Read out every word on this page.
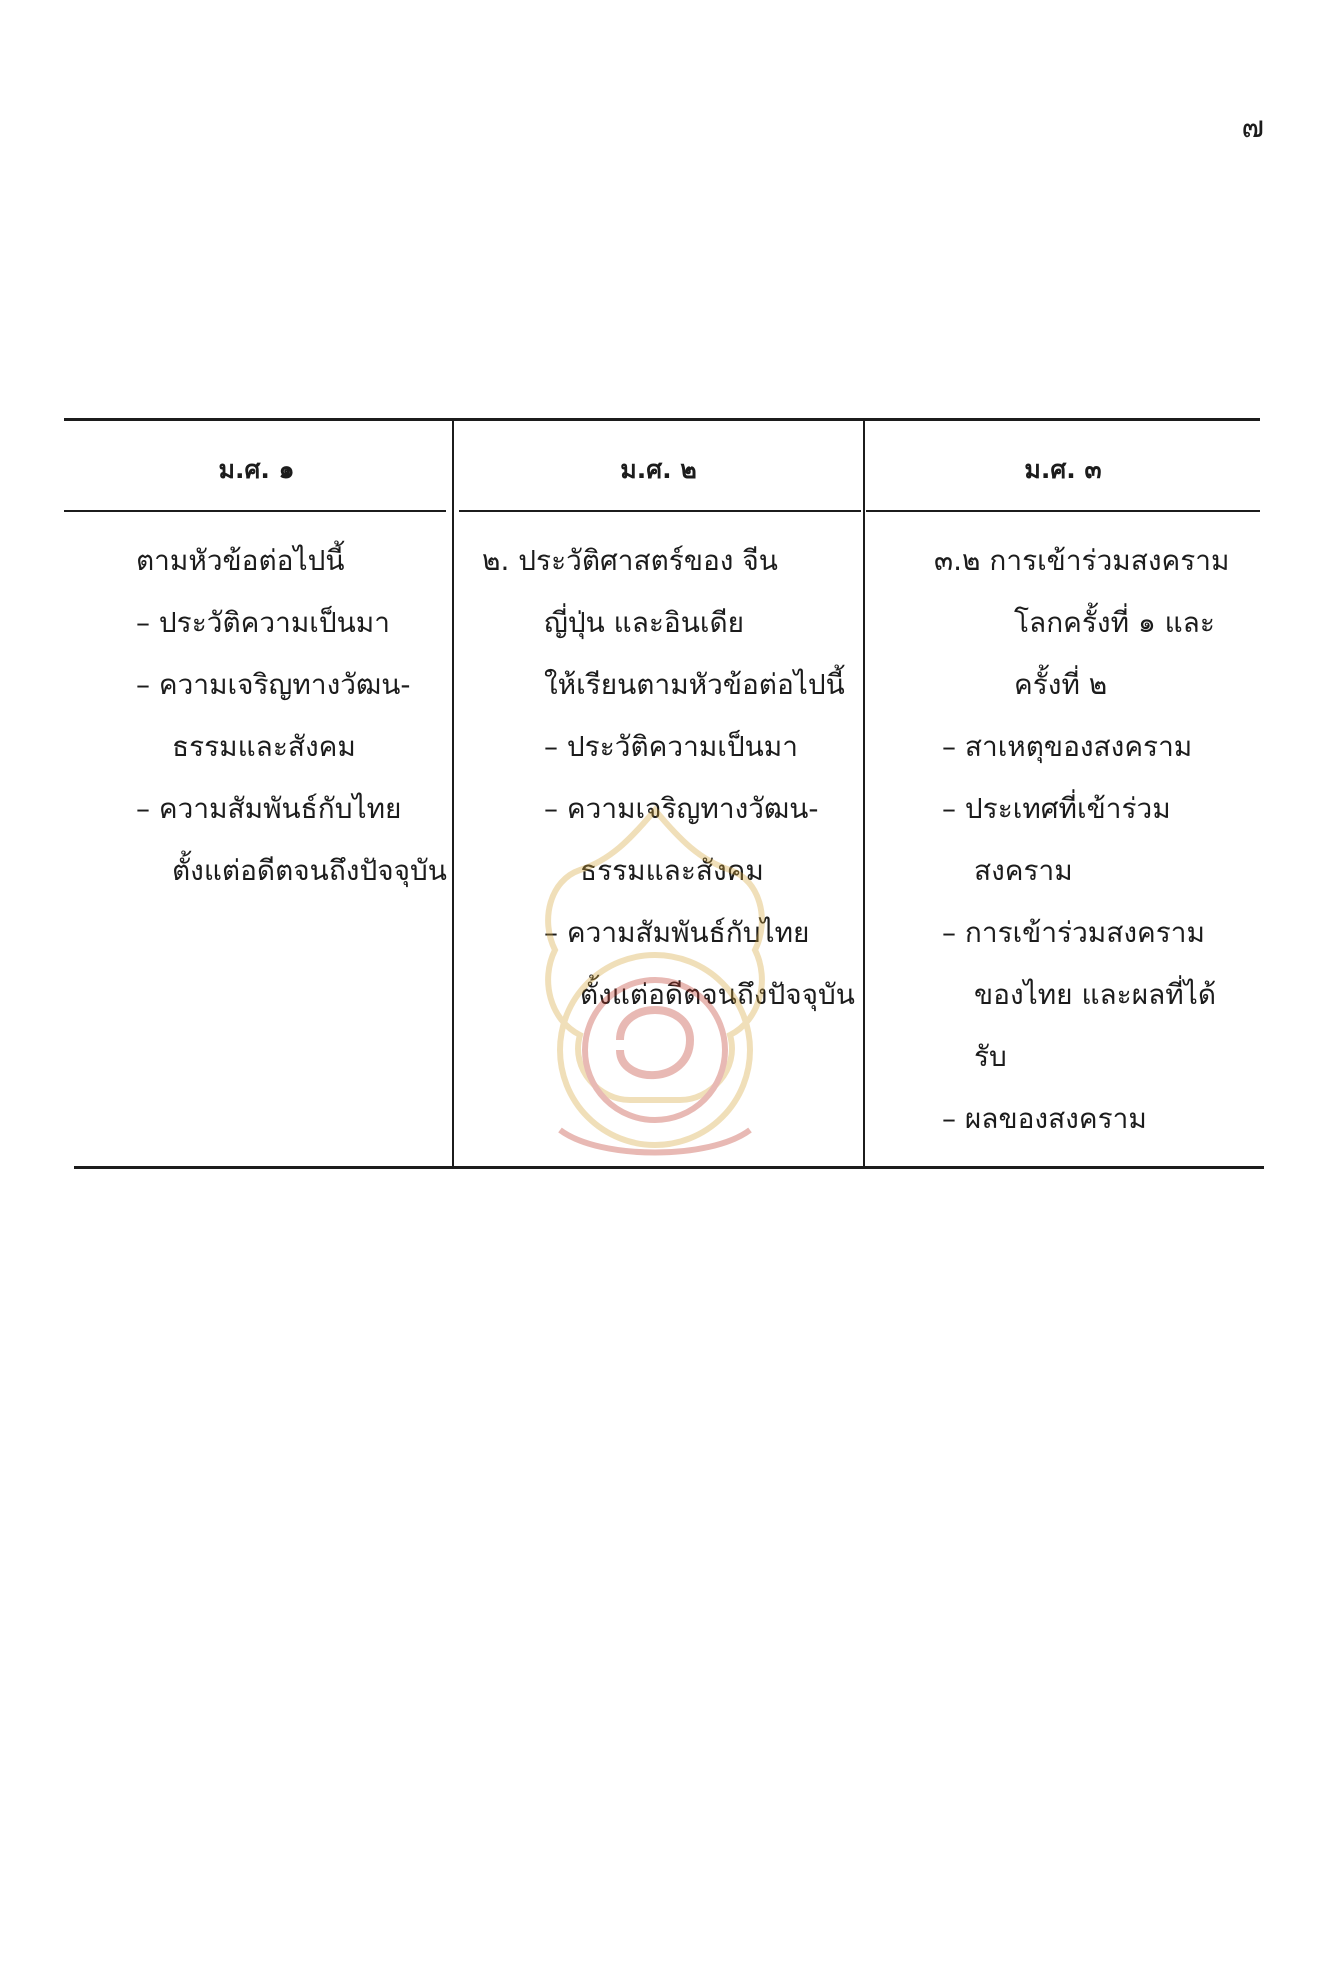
๗
ม.ศ. ๑	ม.ศ. ๒	ม.ศ. ๓
ตามหัวข้อต่อไปนี้
– ประวัติความเป็นมา
– ความเจริญทางวัฒน-
ธรรมและสังคม
– ความสัมพันธ์กับไทย
ตั้งแต่อดีตจนถึงปัจจุบัน
๒. ประวัติศาสตร์ของ จีน
ญี่ปุ่น และอินเดีย
ให้เรียนตามหัวข้อต่อไปนี้
– ประวัติความเป็นมา
– ความเจริญทางวัฒน-
ธรรมและสังคม
– ความสัมพันธ์กับไทย
ตั้งแต่อดีตจนถึงปัจจุบัน
๓.๒ การเข้าร่วมสงคราม
โลกครั้งที่ ๑ และ
ครั้งที่ ๒
– สาเหตุของสงคราม
– ประเทศที่เข้าร่วม
สงคราม
– การเข้าร่วมสงคราม
ของไทย และผลที่ได้
รับ
– ผลของสงคราม
